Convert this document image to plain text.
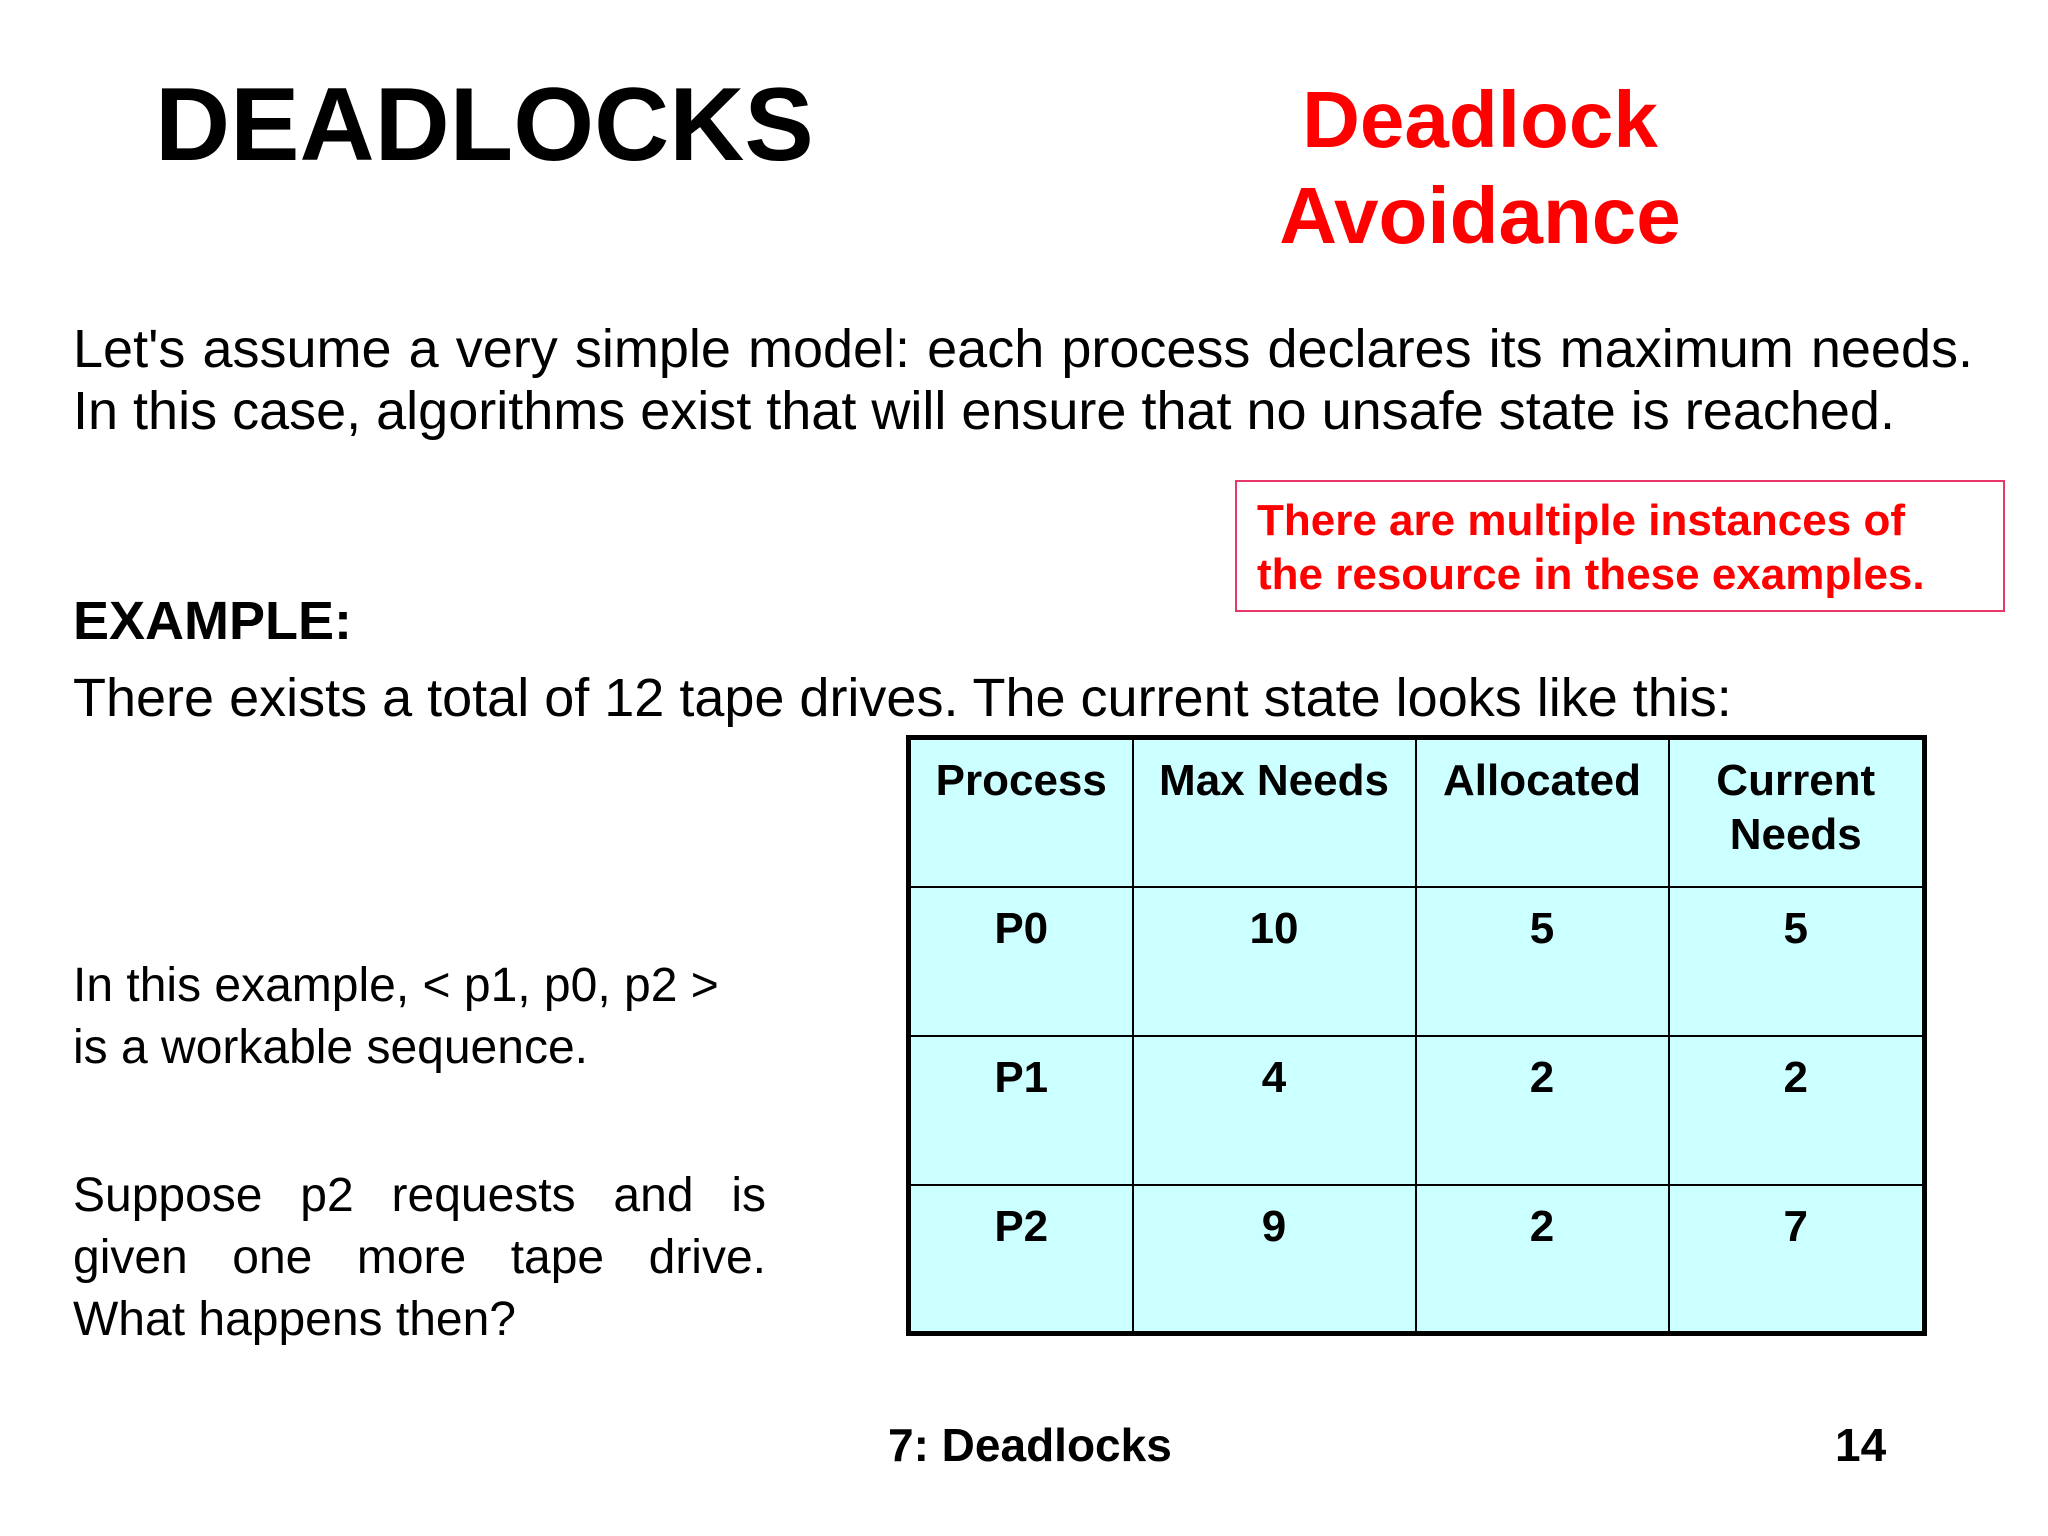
DEADLOCKS	Deadlock
Avoidance
Let's assume a very simple model: each process declares its maximum needs. In this case, algorithms exist that will ensure that no unsafe state is reached.
There are multiple instances of
the resource in these examples.
EXAMPLE:
There exists a total of 12 tape drives. The current state looks like this:
In this example, < p1, p0, p2 >
is a workable sequence.
Suppose p2 requests and is given one more tape drive. What happens then?
Process	Max Needs	Allocated	Current Needs
P0	10	5	5
P1	4	2	2
P2	9	2	7
7: Deadlocks	14
